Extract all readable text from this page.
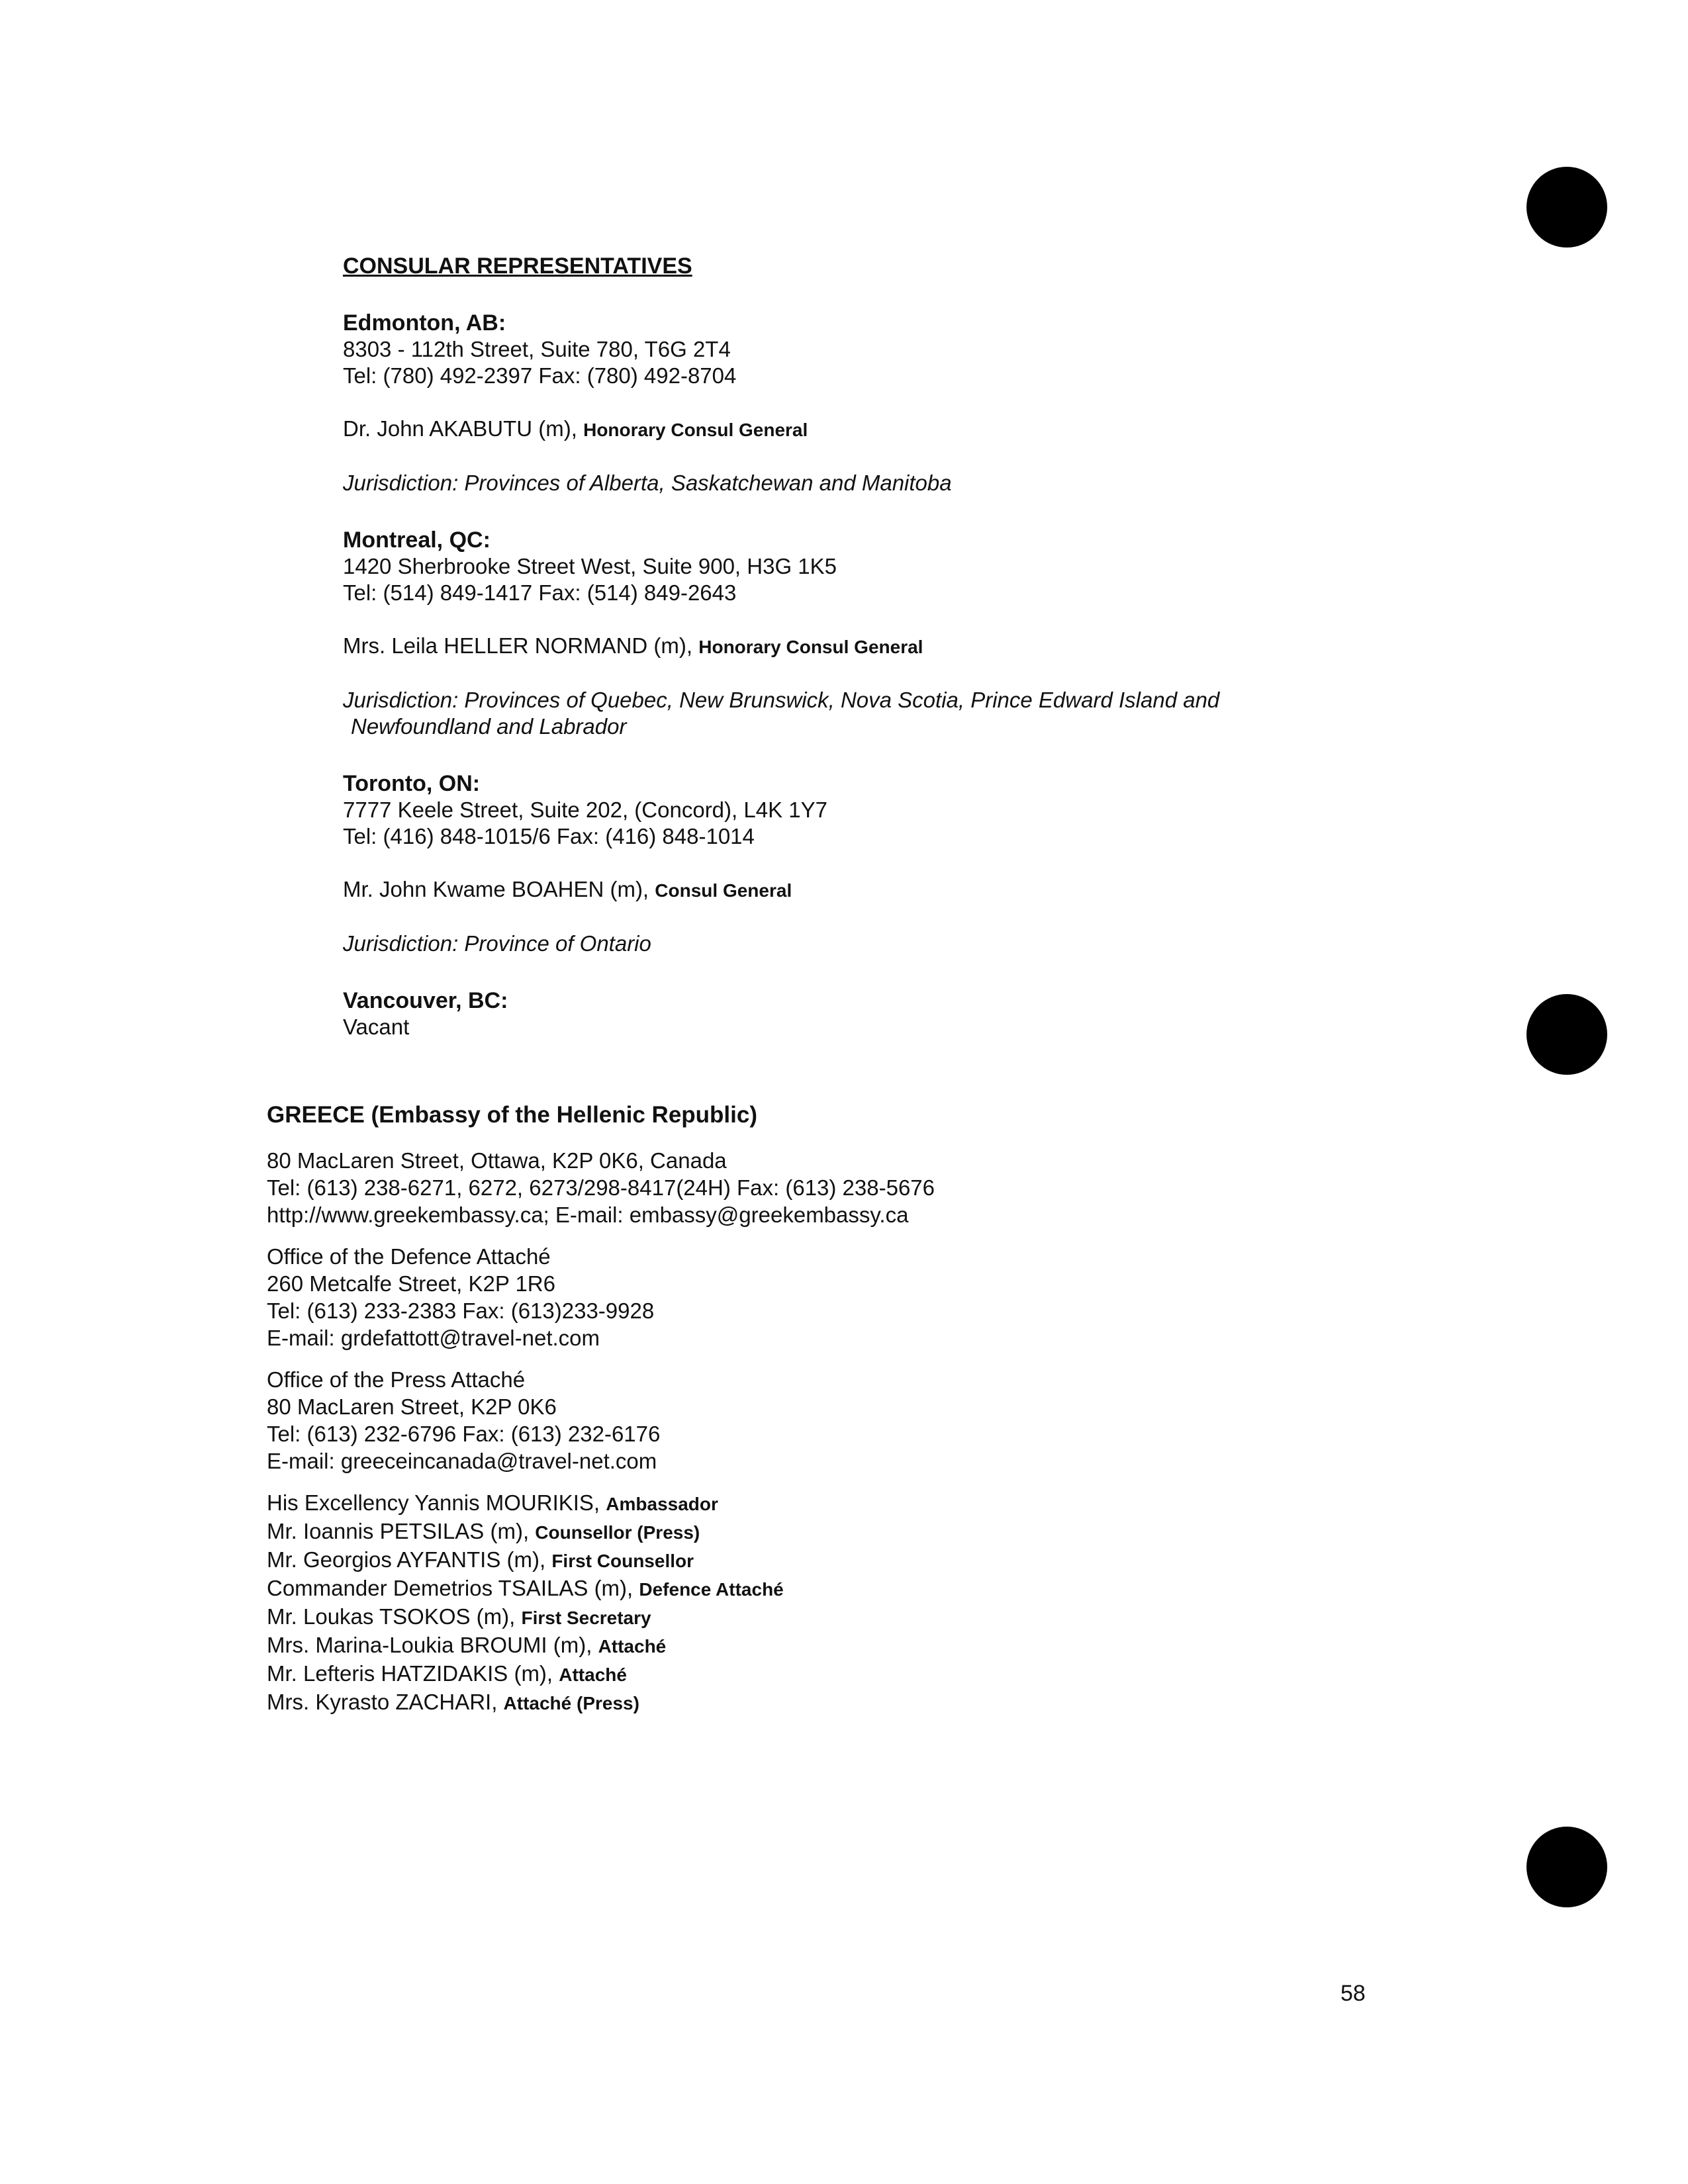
CONSULAR REPRESENTATIVES
Edmonton, AB:
8303 - 112th Street, Suite 780, T6G 2T4
Tel: (780) 492-2397 Fax: (780) 492-8704
Dr. John AKABUTU (m), Honorary Consul General
Jurisdiction: Provinces of Alberta, Saskatchewan and Manitoba
Montreal, QC:
1420 Sherbrooke Street West, Suite 900, H3G 1K5
Tel: (514) 849-1417 Fax: (514) 849-2643
Mrs. Leila HELLER NORMAND (m), Honorary Consul General
Jurisdiction: Provinces of Quebec, New Brunswick, Nova Scotia, Prince Edward Island and
Newfoundland and Labrador
Toronto, ON:
7777 Keele Street, Suite 202, (Concord), L4K 1Y7
Tel: (416) 848-1015/6 Fax: (416) 848-1014
Mr. John Kwame BOAHEN (m), Consul General
Jurisdiction: Province of Ontario
Vancouver, BC:
Vacant
GREECE (Embassy of the Hellenic Republic)
80 MacLaren Street, Ottawa, K2P 0K6, Canada
Tel: (613) 238-6271, 6272, 6273/298-8417(24H) Fax: (613) 238-5676
http://www.greekembassy.ca; E-mail: embassy@greekembassy.ca
Office of the Defence Attaché
260 Metcalfe Street, K2P 1R6
Tel: (613) 233-2383 Fax: (613)233-9928
E-mail: grdefattott@travel-net.com
Office of the Press Attaché
80 MacLaren Street, K2P 0K6
Tel: (613) 232-6796 Fax: (613) 232-6176
E-mail: greeceincanada@travel-net.com
His Excellency Yannis MOURIKIS, Ambassador
Mr. Ioannis PETSILAS (m), Counsellor (Press)
Mr. Georgios AYFANTIS (m), First Counsellor
Commander Demetrios TSAILAS (m), Defence Attaché
Mr. Loukas TSOKOS (m), First Secretary
Mrs. Marina-Loukia BROUMI (m), Attaché
Mr. Lefteris HATZIDAKIS (m), Attaché
Mrs. Kyrasto ZACHARI, Attaché (Press)
58
